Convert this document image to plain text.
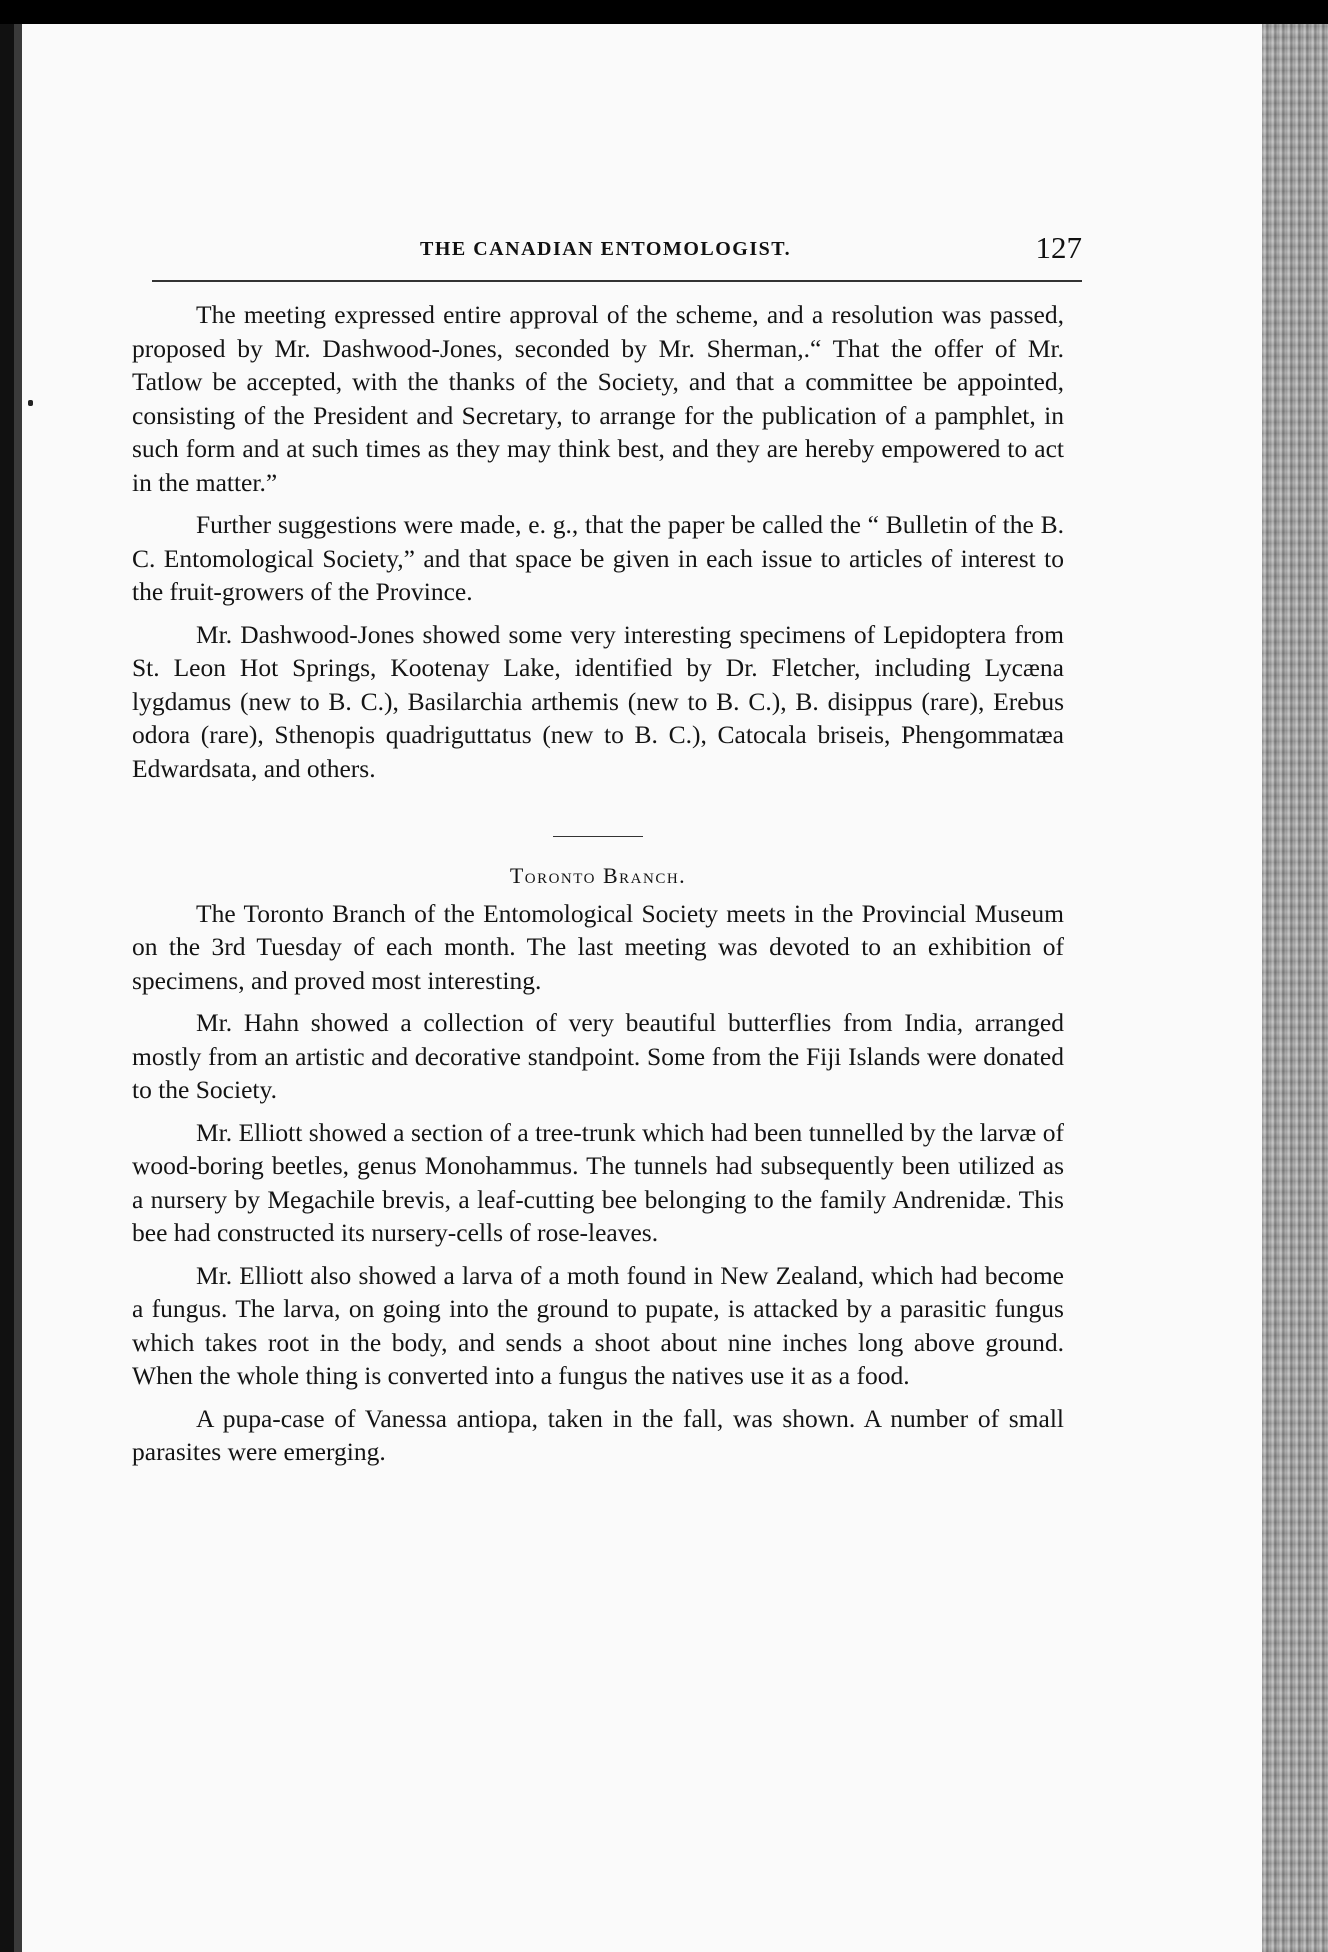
THE CANADIAN ENTOMOLOGIST.	127

The meeting expressed entire approval of the scheme, and a resolution was passed, proposed by Mr. Dashwood-Jones, seconded by Mr. Sherman,.“ That the offer of Mr. Tatlow be accepted, with the thanks of the Society, and that a committee be appointed, consisting of the President and Secretary, to arrange for the publication of a pamphlet, in such form and at such times as they may think best, and they are hereby empowered to act in the matter.”

Further suggestions were made, e. g., that the paper be called the “ Bulletin of the B. C. Entomological Society,” and that space be given in each issue to articles of interest to the fruit-growers of the Province.

Mr. Dashwood-Jones showed some very interesting specimens of Lepidoptera from St. Leon Hot Springs, Kootenay Lake, identified by Dr. Fletcher, including Lycæna lygdamus (new to B. C.), Basilarchia arthemis (new to B. C.), B. disippus (rare), Erebus odora (rare), Sthenopis quadriguttatus (new to B. C.), Catocala briseis, Phengommatæa Edwardsata, and others.

Toronto Branch.

The Toronto Branch of the Entomological Society meets in the Provincial Museum on the 3rd Tuesday of each month. The last meeting was devoted to an exhibition of specimens, and proved most interesting.

Mr. Hahn showed a collection of very beautiful butterflies from India, arranged mostly from an artistic and decorative standpoint. Some from the Fiji Islands were donated to the Society.

Mr. Elliott showed a section of a tree-trunk which had been tunnelled by the larvæ of wood-boring beetles, genus Monohammus. The tunnels had subsequently been utilized as a nursery by Megachile brevis, a leaf-cutting bee belonging to the family Andrenidæ. This bee had constructed its nursery-cells of rose-leaves.

Mr. Elliott also showed a larva of a moth found in New Zealand, which had become a fungus. The larva, on going into the ground to pupate, is attacked by a parasitic fungus which takes root in the body, and sends a shoot about nine inches long above ground. When the whole thing is converted into a fungus the natives use it as a food.

A pupa-case of Vanessa antiopa, taken in the fall, was shown. A number of small parasites were emerging.
